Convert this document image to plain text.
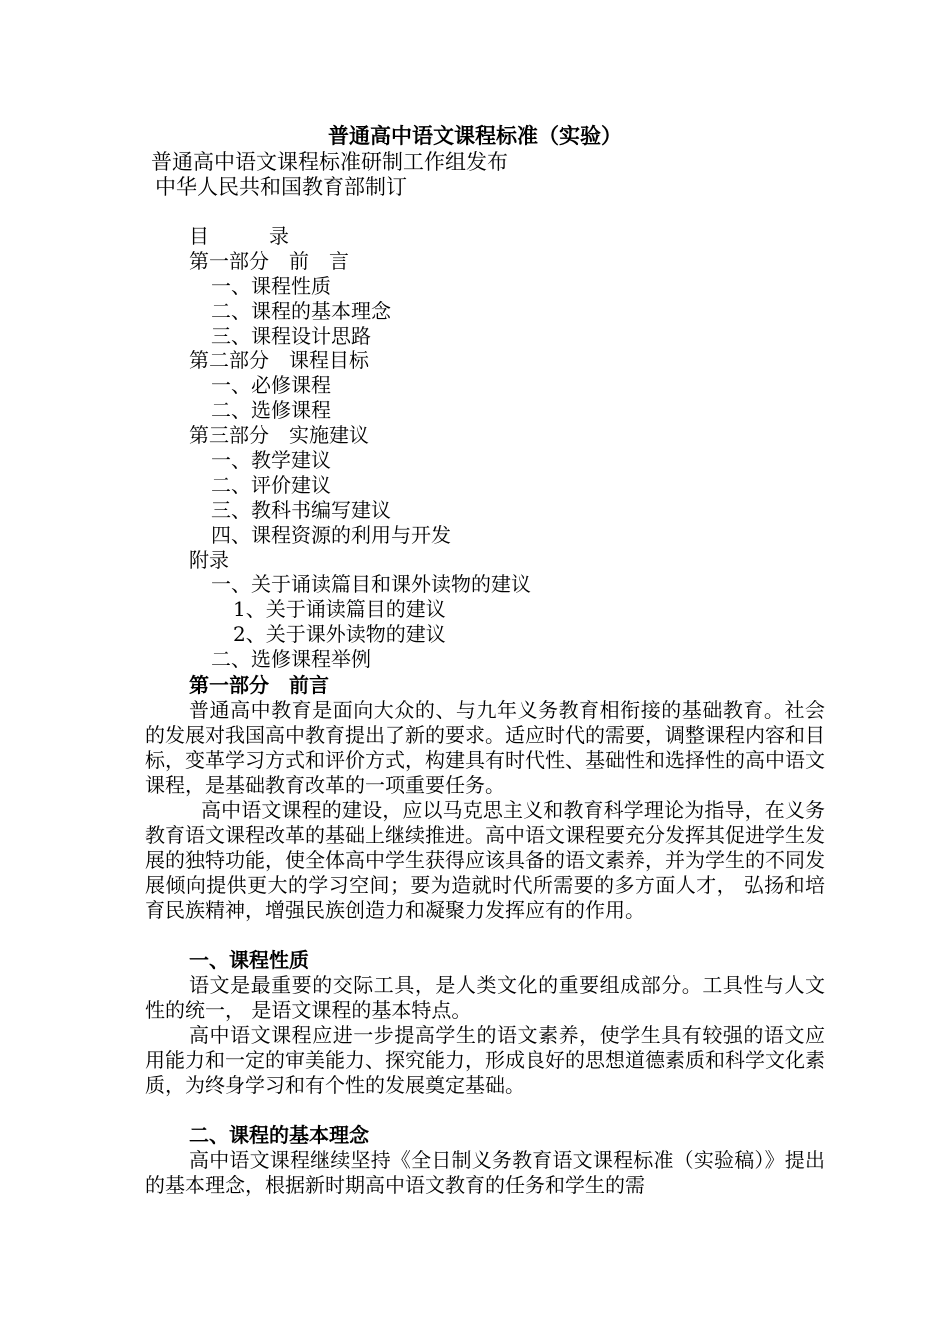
普通高中语文课程标准（实验）
普通高中语文课程标准研制工作组发布
中华人民共和国教育部制订
目　　　录
第一部分　前　言
一、课程性质
二、课程的基本理念
三、课程设计思路
第二部分　课程目标
一、必修课程
二、选修课程
第三部分　实施建议
一、教学建议
二、评价建议
三、教科书编写建议
四、课程资源的利用与开发
附录
一、关于诵读篇目和课外读物的建议
1、关于诵读篇目的建议
2、关于课外读物的建议
二、选修课程举例
第一部分　前言

普通高中教育是面向大众的、与九年义务教育相衔接的基础教育。社会的发展对我国高中教育提出了新的要求。适应时代的需要，调整课程内容和目标，变革学习方式和评价方式，构建具有时代性、基础性和选择性的高中语文课程，是基础教育改革的一项重要任务。

高中语文课程的建设，应以马克思主义和教育科学理论为指导，在义务教育语文课程改革的基础上继续推进。高中语文课程要充分发挥其促进学生发展的独特功能，使全体高中学生获得应该具备的语文素养，并为学生的不同发展倾向提供更大的学习空间；要为造就时代所需要的多方面人才， 弘扬和培育民族精神，增强民族创造力和凝聚力发挥应有的作用。

一、课程性质

语文是最重要的交际工具，是人类文化的重要组成部分。工具性与人文性的统一， 是语文课程的基本特点。

高中语文课程应进一步提高学生的语文素养，使学生具有较强的语文应用能力和一定的审美能力、探究能力，形成良好的思想道德素质和科学文化素质，为终身学习和有个性的发展奠定基础。

二、课程的基本理念

高中语文课程继续坚持《全日制义务教育语文课程标准（实验稿）》提出的基本理念，根据新时期高中语文教育的任务和学生的需
